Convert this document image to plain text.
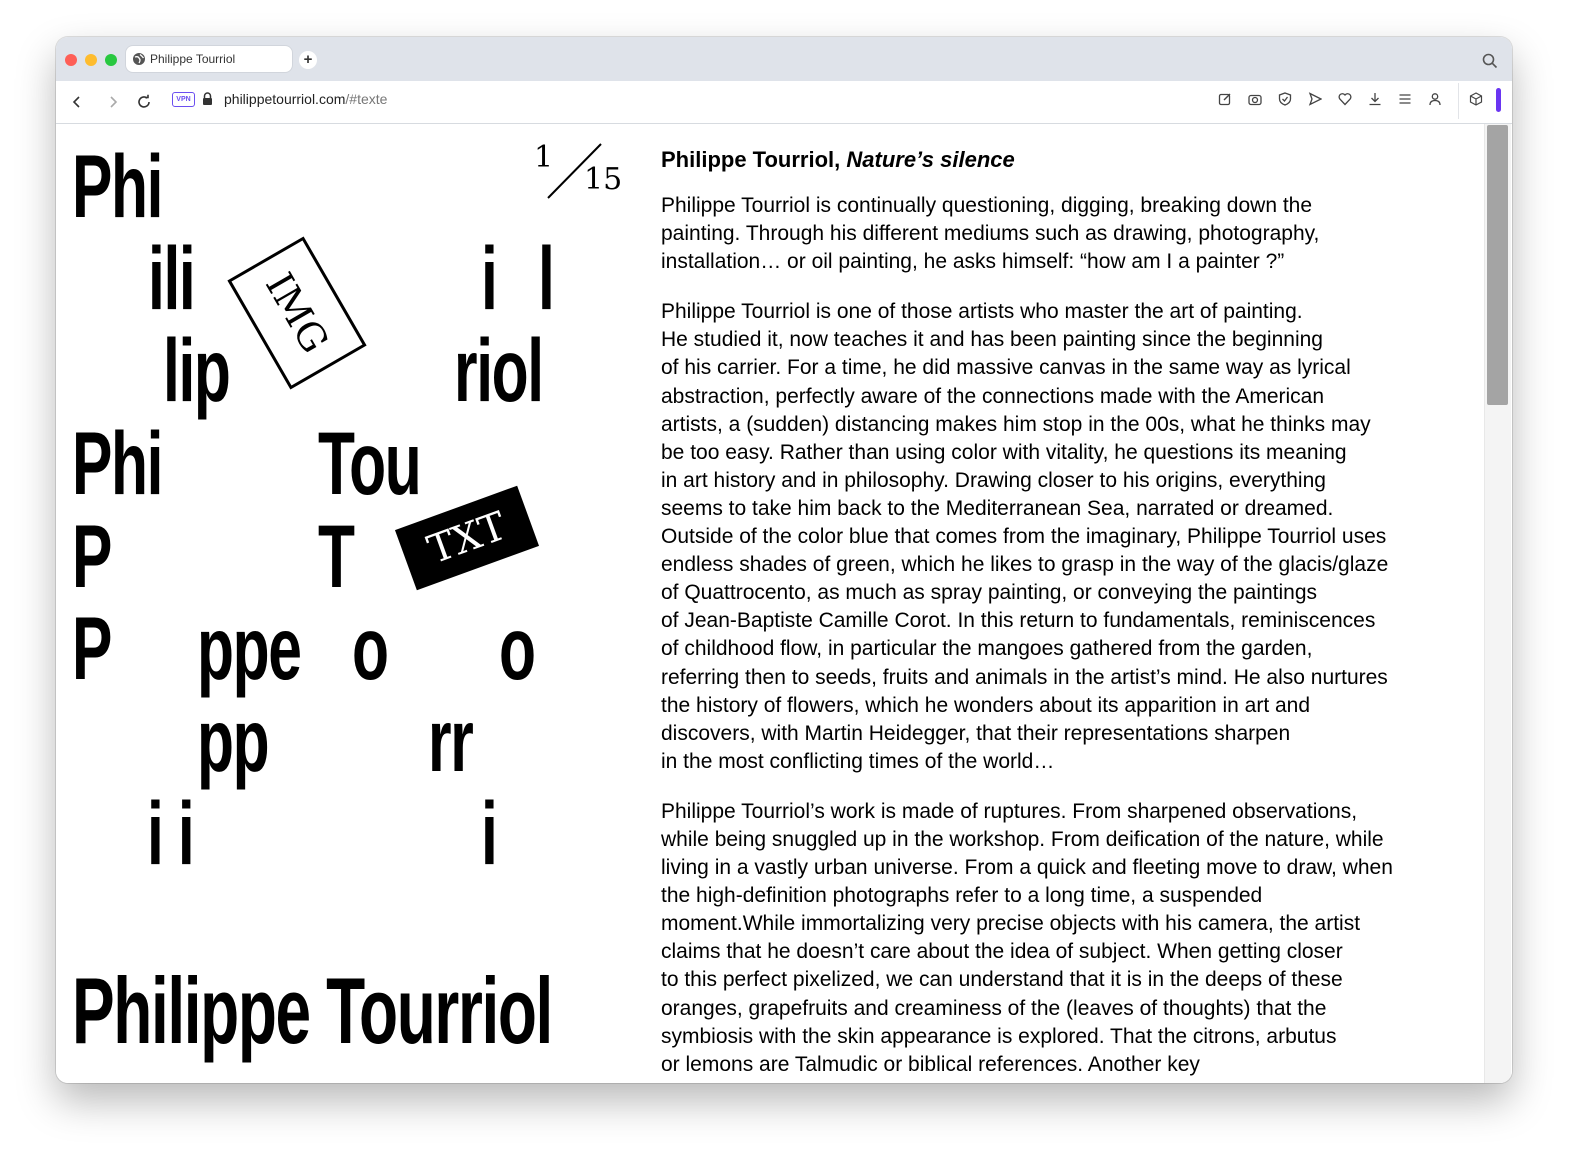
Philippe Tourriol	+
VPN	philippetourriol.com/#texte
1
15
Phi
ili	i l
lip	riol
Phi Tou
P T
P ppe o o
pp rr
i i	i
Philippe Tourriol
IMG
TXT
Philippe Tourriol, Nature’s silence

Philippe Tourriol is continually questioning, digging, breaking down the
painting. Through his different mediums such as drawing, photography,
installation… or oil painting, he asks himself: “how am I a painter ?”

Philippe Tourriol is one of those artists who master the art of painting.
He studied it, now teaches it and has been painting since the beginning
of his carrier. For a time, he did massive canvas in the same way as lyrical
abstraction, perfectly aware of the connections made with the American
artists, a (sudden) distancing makes him stop in the 00s, what he thinks may
be too easy. Rather than using color with vitality, he questions its meaning
in art history and in philosophy. Drawing closer to his origins, everything
seems to take him back to the Mediterranean Sea, narrated or dreamed.
Outside of the color blue that comes from the imaginary, Philippe Tourriol uses
endless shades of green, which he likes to grasp in the way of the glacis/glaze
of Quattrocento, as much as spray painting, or conveying the paintings
of Jean-Baptiste Camille Corot. In this return to fundamentals, reminiscences
of childhood flow, in particular the mangoes gathered from the garden,
referring then to seeds, fruits and animals in the artist’s mind. He also nurtures
the history of flowers, which he wonders about its apparition in art and
discovers, with Martin Heidegger, that their representations sharpen
in the most conflicting times of the world…

Philippe Tourriol’s work is made of ruptures. From sharpened observations,
while being snuggled up in the workshop. From deification of the nature, while
living in a vastly urban universe. From a quick and fleeting move to draw, when
the high-definition photographs refer to a long time, a suspended
moment.While immortalizing very precise objects with his camera, the artist
claims that he doesn’t care about the idea of subject. When getting closer
to this perfect pixelized, we can understand that it is in the deeps of these
oranges, grapefruits and creaminess of the (leaves of thoughts) that the
symbiosis with the skin appearance is explored. That the citrons, arbutus
or lemons are Talmudic or biblical references. Another key
